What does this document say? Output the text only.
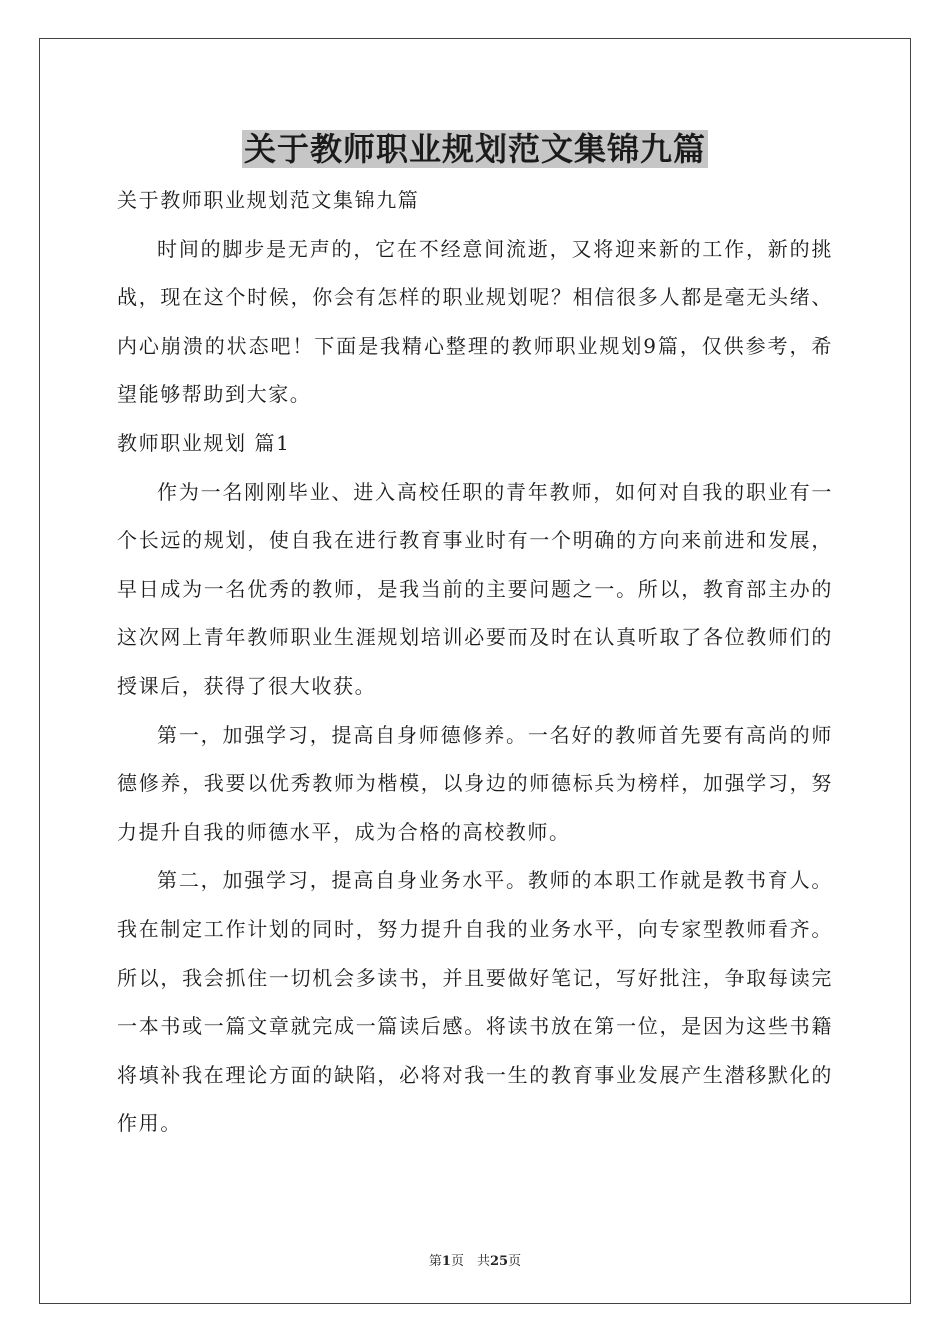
关于教师职业规划范文集锦九篇

关于教师职业规划范文集锦九篇

时间的脚步是无声的，它在不经意间流逝，又将迎来新的工作，新的挑战，现在这个时候，你会有怎样的职业规划呢？相信很多人都是毫无头绪、内心崩溃的状态吧！下面是我精心整理的教师职业规划9篇，仅供参考，希望能够帮助到大家。

教师职业规划 篇1

作为一名刚刚毕业、进入高校任职的青年教师，如何对自我的职业有一个长远的规划，使自我在进行教育事业时有一个明确的方向来前进和发展，早日成为一名优秀的教师，是我当前的主要问题之一。所以，教育部主办的这次网上青年教师职业生涯规划培训必要而及时在认真听取了各位教师们的授课后，获得了很大收获。

第一，加强学习，提高自身师德修养。一名好的教师首先要有高尚的师德修养，我要以优秀教师为楷模，以身边的师德标兵为榜样，加强学习，努力提升自我的师德水平，成为合格的高校教师。

第二，加强学习，提高自身业务水平。教师的本职工作就是教书育人。我在制定工作计划的同时，努力提升自我的业务水平，向专家型教师看齐。所以，我会抓住一切机会多读书，并且要做好笔记，写好批注，争取每读完一本书或一篇文章就完成一篇读后感。将读书放在第一位，是因为这些书籍将填补我在理论方面的缺陷，必将对我一生的教育事业发展产生潜移默化的作用。

第1页　共25页
